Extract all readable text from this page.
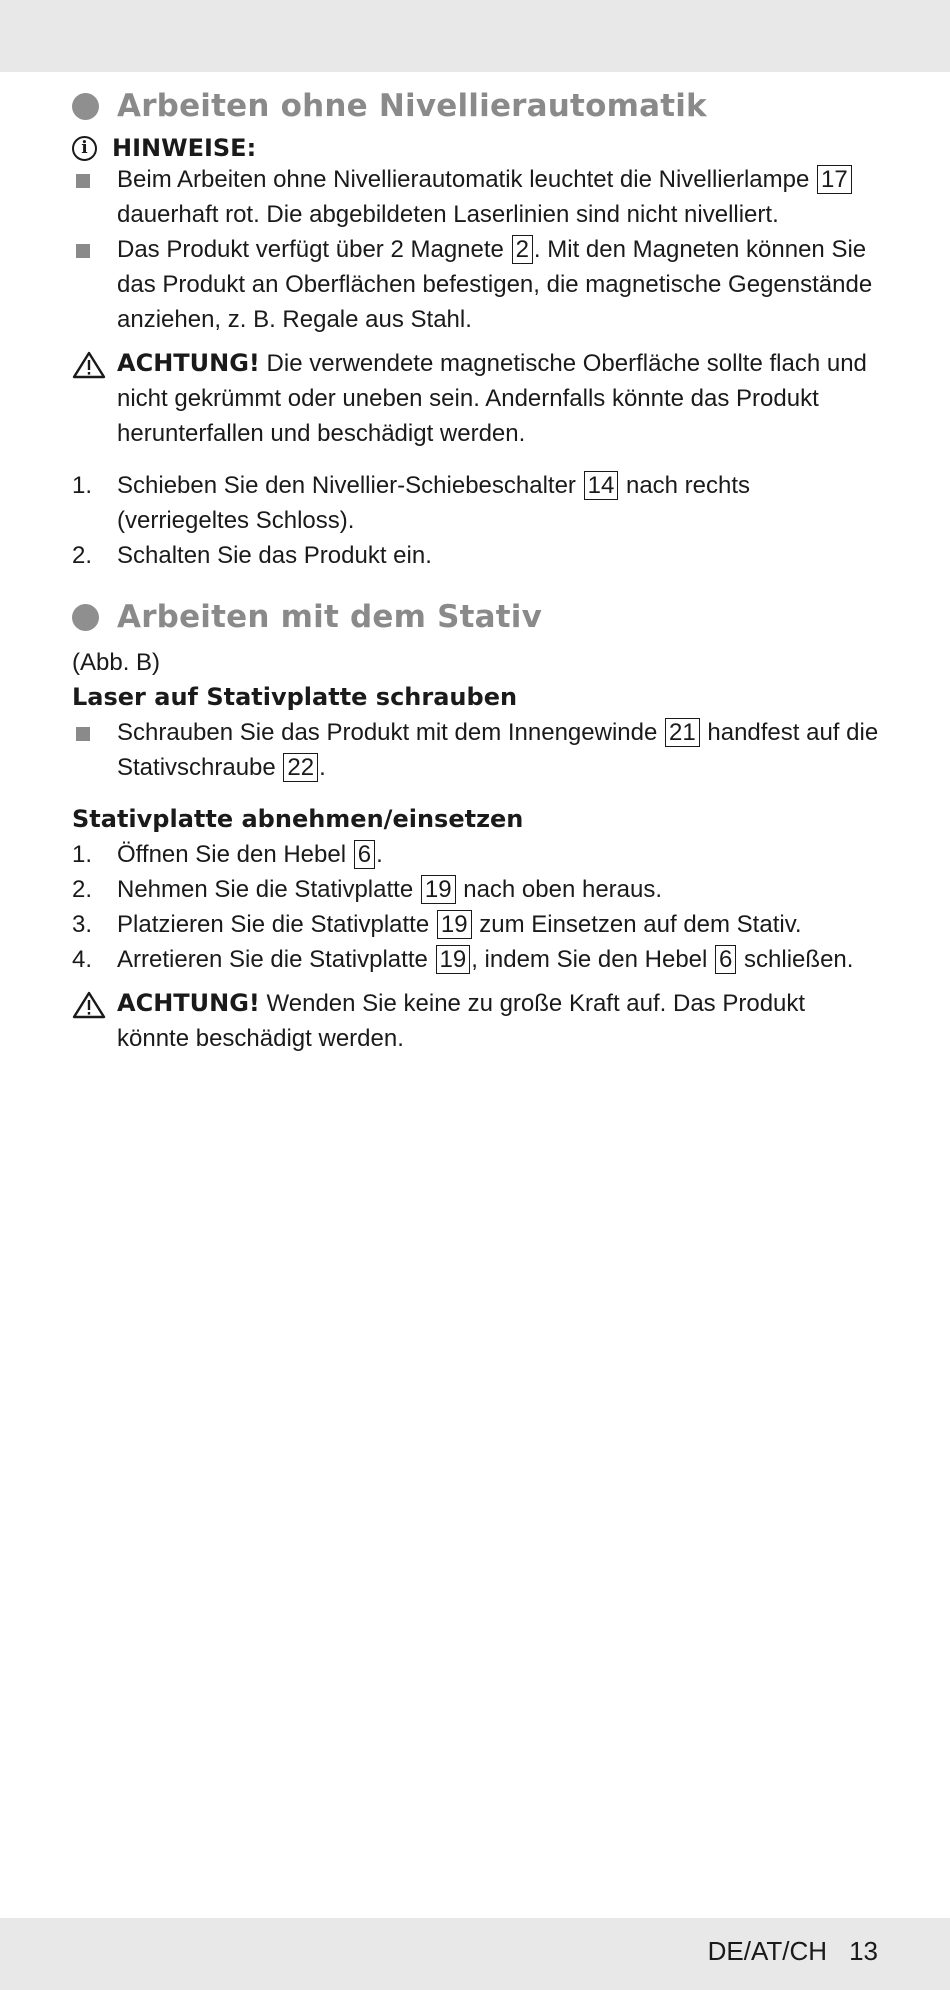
Arbeiten ohne Nivellierautomatik
i	HINWEISE:
Beim Arbeiten ohne Nivellierautomatik leuchtet die Nivellierlampe 17 dauerhaft rot. Die abgebildeten Laserlinien sind nicht nivelliert.
Das Produkt verfügt über 2 Magnete 2 . Mit den Magneten können Sie das Produkt an Oberflächen befestigen, die magnetische Gegenstände anziehen, z. B. Regale aus Stahl.
ACHTUNG! Die verwendete magnetische Oberfläche sollte flach und nicht gekrümmt oder uneben sein. Andernfalls könnte das Produkt herunterfallen und beschädigt werden.
1.	Schieben Sie den Nivellier-Schiebeschalter 14 nach rechts (verriegeltes Schloss).
2.	Schalten Sie das Produkt ein.
Arbeiten mit dem Stativ
(Abb. B)
Laser auf Stativplatte schrauben
Schrauben Sie das Produkt mit dem Innengewinde 21 handfest auf die Stativschraube 22 .
Stativplatte abnehmen/einsetzen
1.	Öffnen Sie den Hebel 6 .
2.	Nehmen Sie die Stativplatte 19 nach oben heraus.
3.	Platzieren Sie die Stativplatte 19 zum Einsetzen auf dem Stativ.
4.	Arretieren Sie die Stativplatte 19 , indem Sie den Hebel 6 schließen.
ACHTUNG! Wenden Sie keine zu große Kraft auf. Das Produkt könnte beschädigt werden.
DE/AT/CH 13
